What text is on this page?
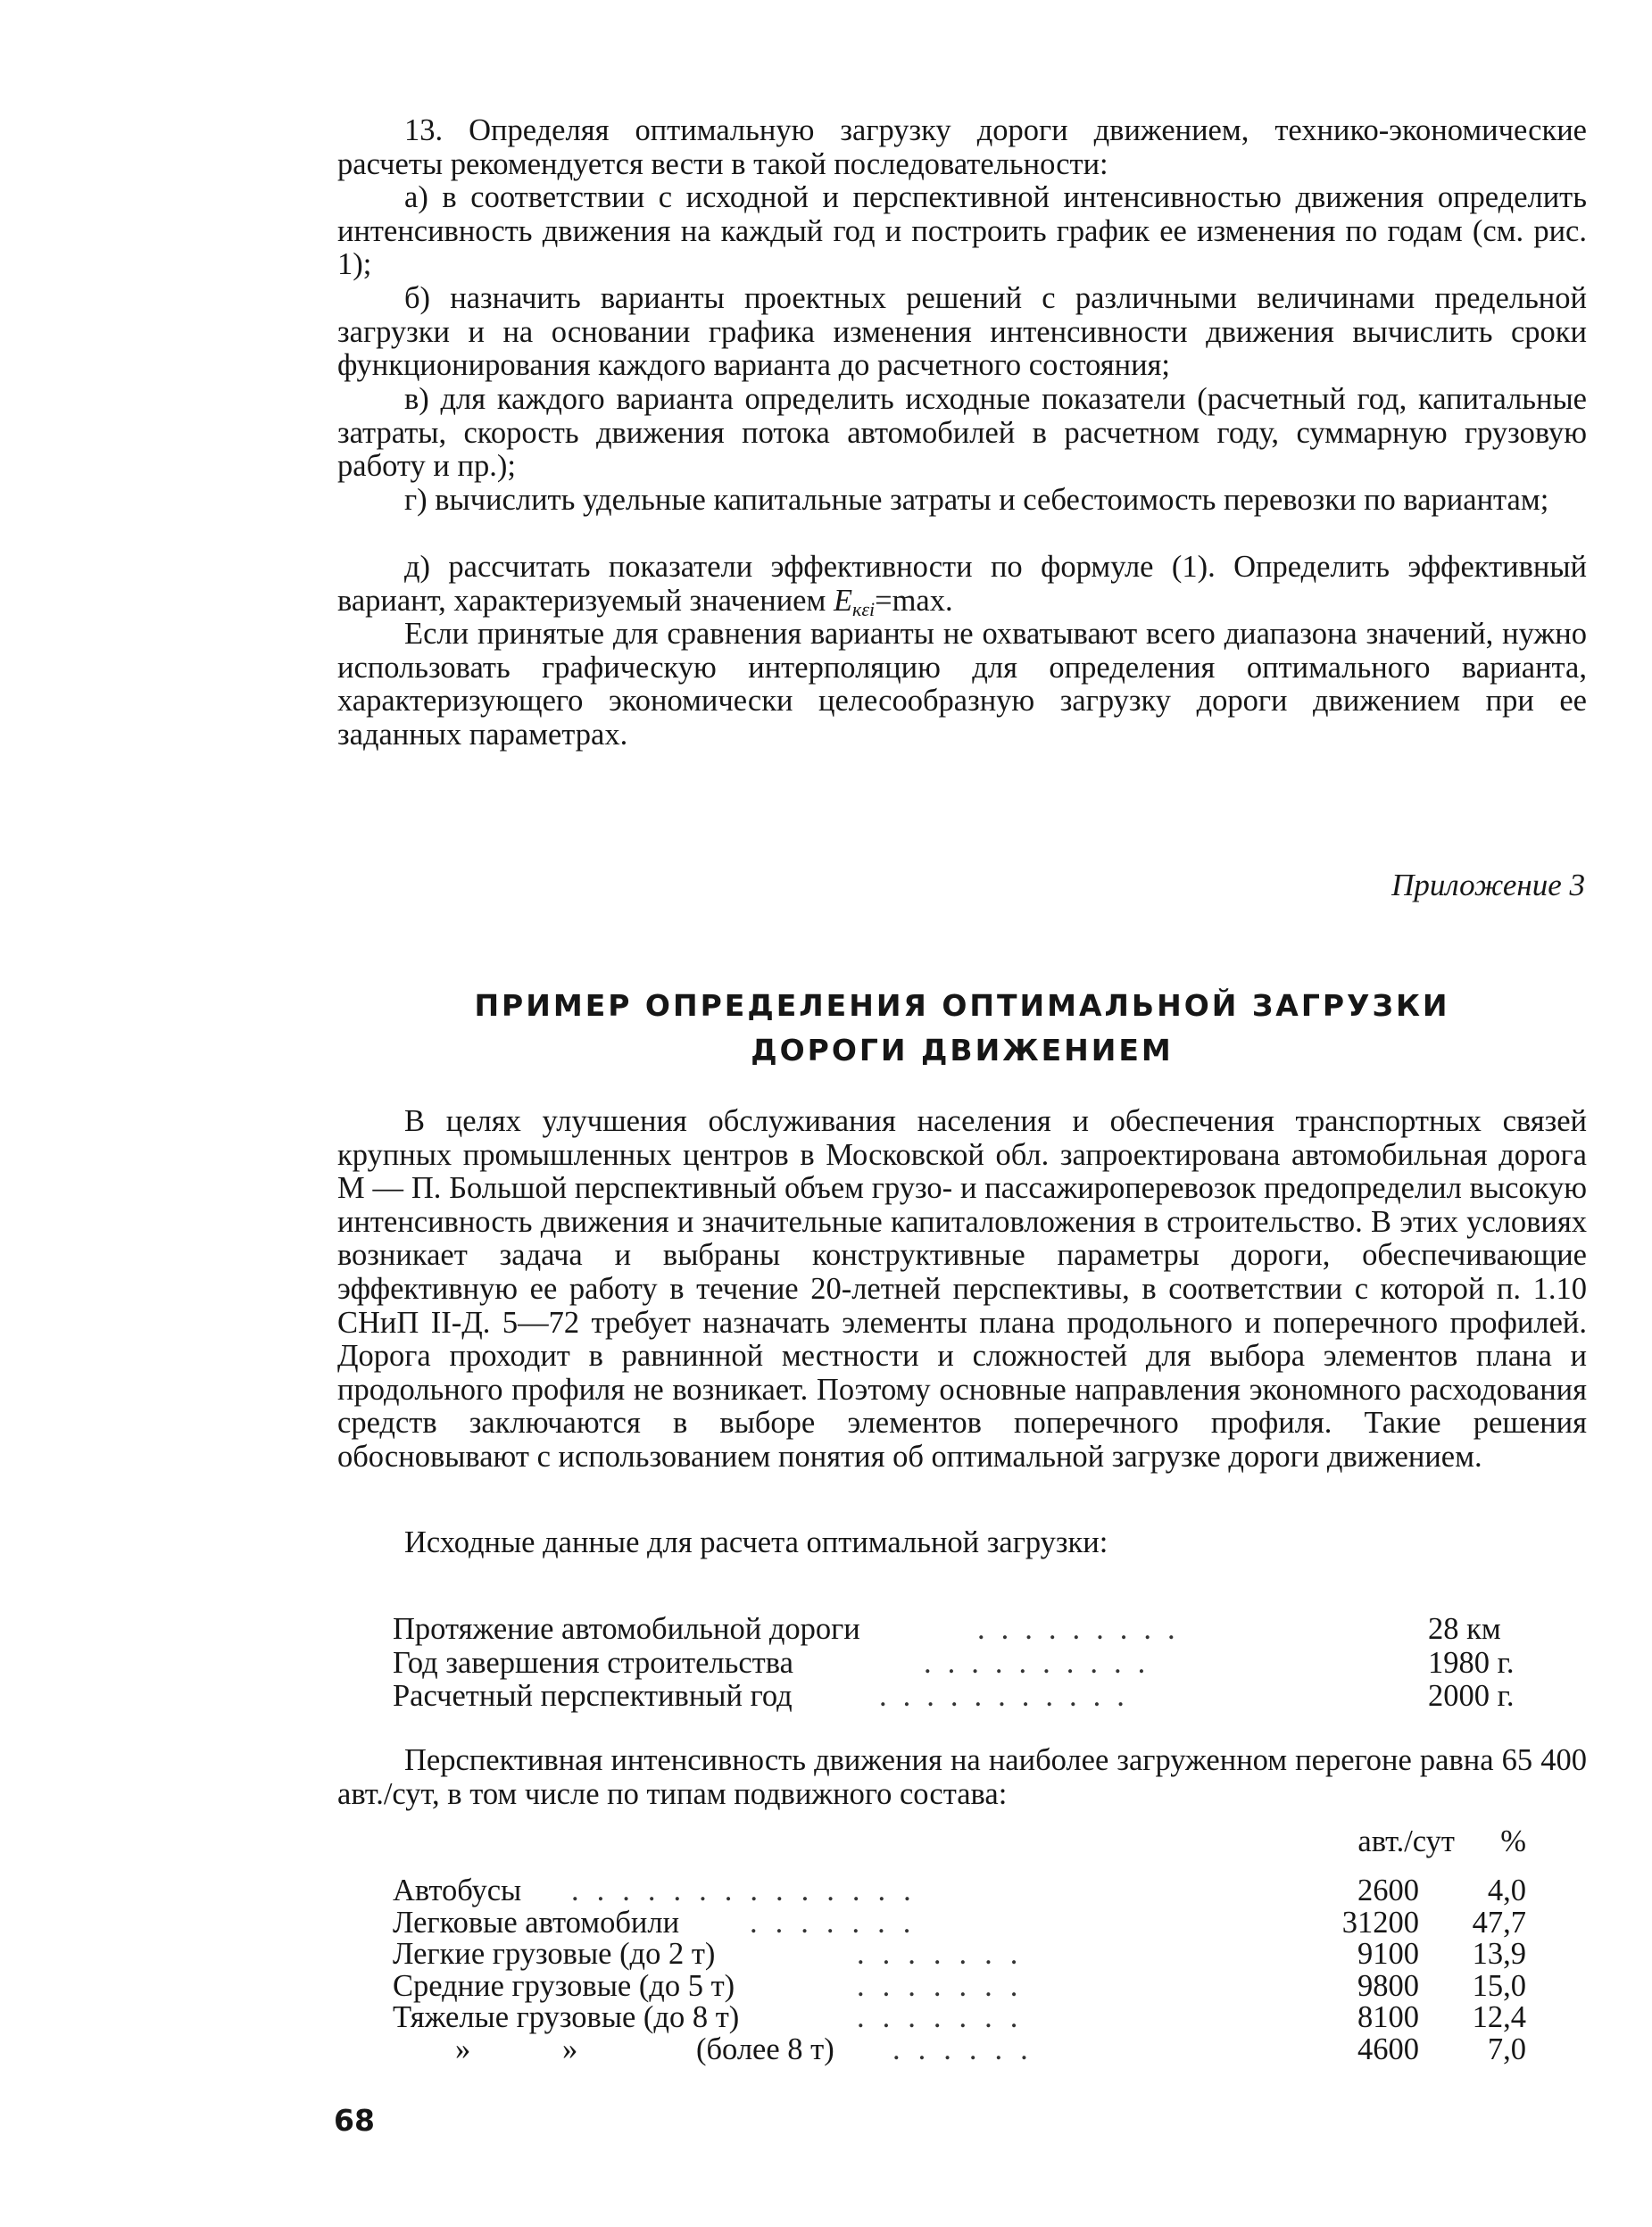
13. Определяя оптимальную загрузку дороги движением, технико-экономические расчеты рекомендуется вести в такой последовательности:

а) в соответствии с исходной и перспективной интенсивностью движения определить интенсивность движения на каждый год и построить график ее изменения по годам (см. рис. 1);

б) назначить варианты проектных решений с различными величинами предельной загрузки и на основании графика изменения интенсивности движения вычислить сроки функционирования каждого варианта до расчетного состояния;

в) для каждого варианта определить исходные показатели (расчетный год, капитальные затраты, скорость движения потока автомобилей в расчетном году, суммарную грузовую работу и пр.);

г) вычислить удельные капитальные затраты и себестоимость перевозки по вариантам;

д) рассчитать показатели эффективности по формуле (1). Определить эффективный вариант, характеризуемый значением $E_{к\varepsilon i}=\max$.

Если принятые для сравнения варианты не охватывают всего диапазона значений, нужно использовать графическую интерполяцию для определения оптимального варианта, характеризующего экономически целесообразную загрузку дороги движением при ее заданных параметрах.

Приложение 3

ПРИМЕР ОПРЕДЕЛЕНИЯ ОПТИМАЛЬНОЙ ЗАГРУЗКИ
ДОРОГИ ДВИЖЕНИЕМ

В целях улучшения обслуживания населения и обеспечения транспортных связей крупных промышленных центров в Московской обл. запроектирована автомобильная дорога М — П. Большой перспективный объем грузо- и пассажироперевозок предопределил высокую интенсивность движения и значительные капиталовложения в строительство. В этих условиях возникает задача и выбраны конструктивные параметры дороги, обеспечивающие эффективную ее работу в течение 20-летней перспективы, в соответствии с которой п. 1.10 СНиП II-Д. 5—72 требует назначать элементы плана продольного и поперечного профилей. Дорога проходит в равнинной местности и сложностей для выбора элементов плана и продольного профиля не возникает. Поэтому основные направления экономного расходования средств заключаются в выборе элементов поперечного профиля. Такие решения обосновывают с использованием понятия об оптимальной загрузке дороги движением.

Исходные данные для расчета оптимальной загрузки:

Протяжение автомобильной дороги	.........	28 км
Год завершения строительства	..........	1980 г.
Расчетный перспективный год	...........	2000 г.

Перспективная интенсивность движения на наиболее загруженном перегоне равна 65 400 авт./сут, в том числе по типам подвижного состава:

авт./сут	%
Автобусы ..............	2600	4,0
Легковые автомобили .......	31200	47,7
Легкие грузовые (до 2 т)	.......	9100	13,9
Средние грузовые (до 5 т)	.......	9800	15,0
Тяжелые грузовые (до 8 т)	.......	8100	12,4
»	»	(более 8 т) ......	4600	7,0

68
